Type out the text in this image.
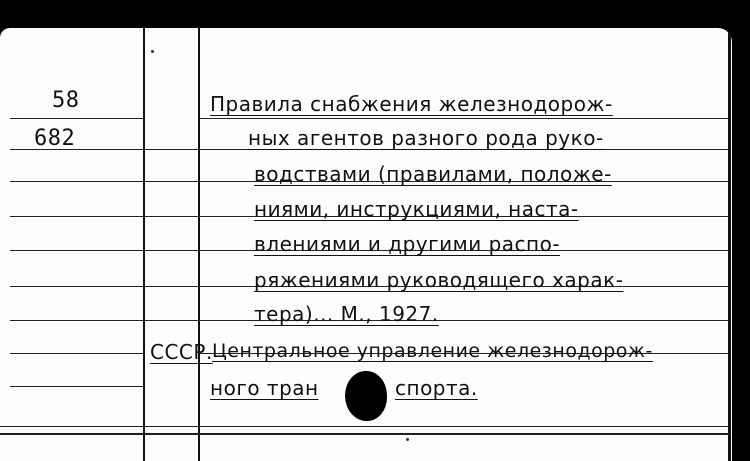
58
682
Правила снабжения железнодорож-
ных агентов разного рода руко-
водствами (правилами, положе-
ниями, инструкциями, наста-
влениями и другими распо-
ряжениями руководящего харак-
тера)... М., 1927.
СССР. Центральное управление железнодорож-
ного тран	спорта.
